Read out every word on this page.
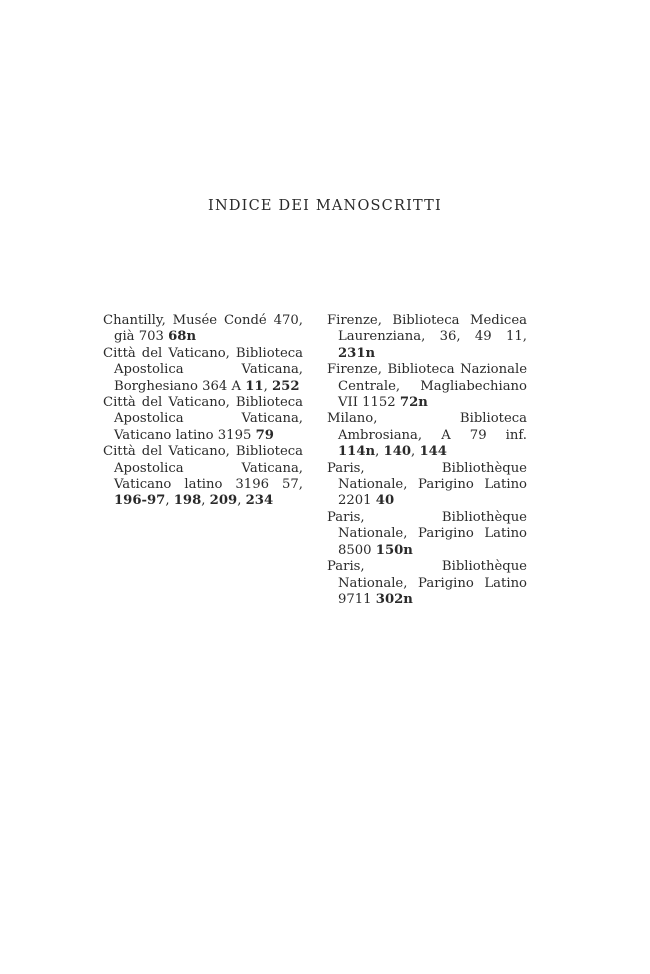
INDICE DEI MANOSCRITTI
Chantilly, Musée Condé 470, già 703 68n
Città del Vaticano, Biblioteca Apostolica Vaticana, Borghesiano 364 A 11, 252
Città del Vaticano, Biblioteca Apostolica Vaticana, Vaticano latino 3195 79
Città del Vaticano, Biblioteca Apostolica Vaticana, Vaticano latino 3196 57, 196-97, 198, 209, 234
Firenze, Biblioteca Medicea Laurenziana, 36, 49 11, 231n
Firenze, Biblioteca Nazionale Centrale, Magliabechiano VII 1152 72n
Milano, Biblioteca Ambrosiana, A 79 inf. 114n, 140, 144
Paris, Bibliothèque Nationale, Parigino Latino 2201 40
Paris, Bibliothèque Nationale, Parigino Latino 8500 150n
Paris, Bibliothèque Nationale, Parigino Latino 9711 302n
